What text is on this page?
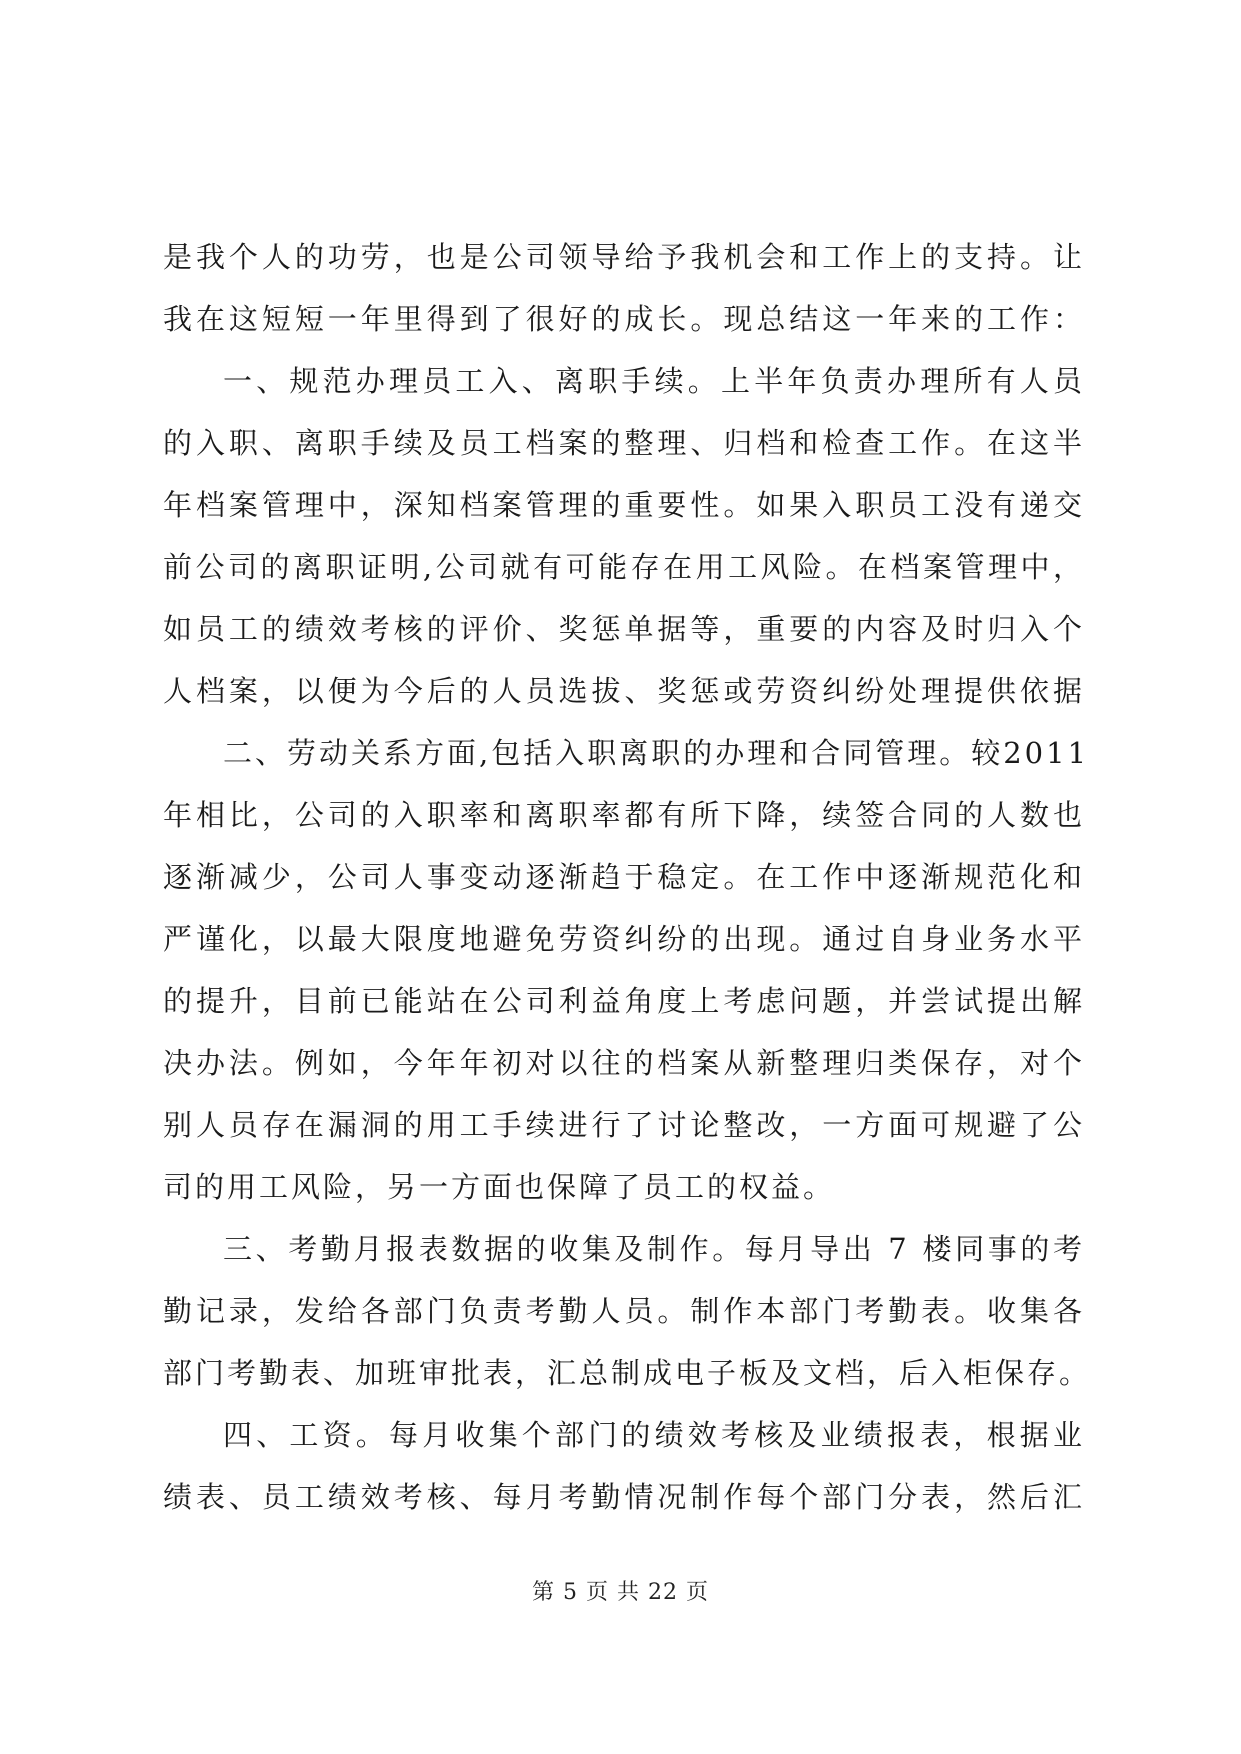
是我个人的功劳，也是公司领导给予我机会和工作上的支持。让
我在这短短一年里得到了很好的成长。现总结这一年来的工作：
一、规范办理员工入、离职手续。上半年负责办理所有人员
的入职、离职手续及员工档案的整理、归档和检查工作。在这半
年档案管理中，深知档案管理的重要性。如果入职员工没有递交
前公司的离职证明,公司就有可能存在用工风险。在档案管理中，
如员工的绩效考核的评价、奖惩单据等，重要的内容及时归入个
人档案，以便为今后的人员选拔、奖惩或劳资纠纷处理提供依据
二、劳动关系方面,包括入职离职的办理和合同管理。较2011
年相比，公司的入职率和离职率都有所下降，续签合同的人数也
逐渐减少，公司人事变动逐渐趋于稳定。在工作中逐渐规范化和
严谨化，以最大限度地避免劳资纠纷的出现。通过自身业务水平
的提升，目前已能站在公司利益角度上考虑问题，并尝试提出解
决办法。例如，今年年初对以往的档案从新整理归类保存，对个
别人员存在漏洞的用工手续进行了讨论整改，一方面可规避了公
司的用工风险，另一方面也保障了员工的权益。
三、考勤月报表数据的收集及制作。每月导出 7 楼同事的考
勤记录，发给各部门负责考勤人员。制作本部门考勤表。收集各
部门考勤表、加班审批表，汇总制成电子板及文档，后入柜保存。
四、工资。每月收集个部门的绩效考核及业绩报表，根据业
绩表、员工绩效考核、每月考勤情况制作每个部门分表，然后汇
第 5 页 共 22 页
